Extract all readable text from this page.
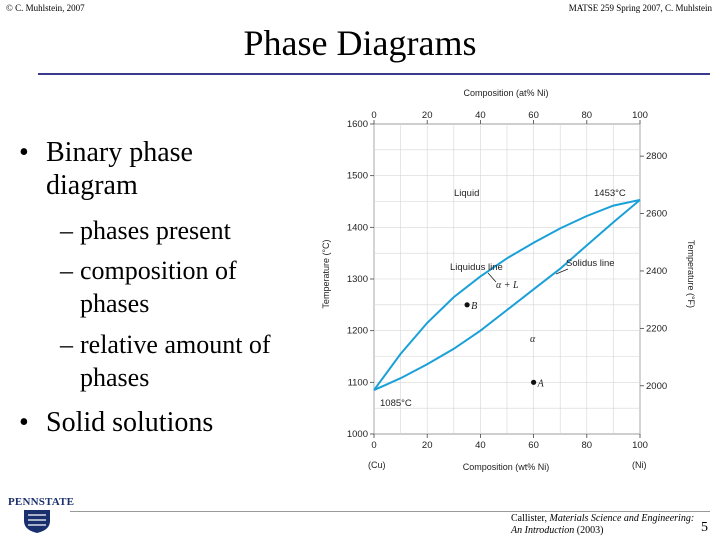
© C. Muhlstein, 2007	MATSE 259 Spring 2007, C. Muhlstein
Phase Diagrams
• Binary phase
diagram
– phases present
– composition of
phases
– relative amount of
phases
• Solid solutions
Composition (at% Ni)
Composition (wt% Ni)
Temperature (°C)	Temperature (°F)
0	20	40	60	80	100
0	20	40	60	80	100
1000
1100
1200
1300
1400
1500
1600
2000
2200
2400
2600
2800
Liquid	1453°C
Liquidus line	Solidus line
α + L
α
1085°C
B
A
(Cu)	(Ni)
PENNSTATE
Callister, Materials Science and Engineering:
An Introduction (2003)	5
